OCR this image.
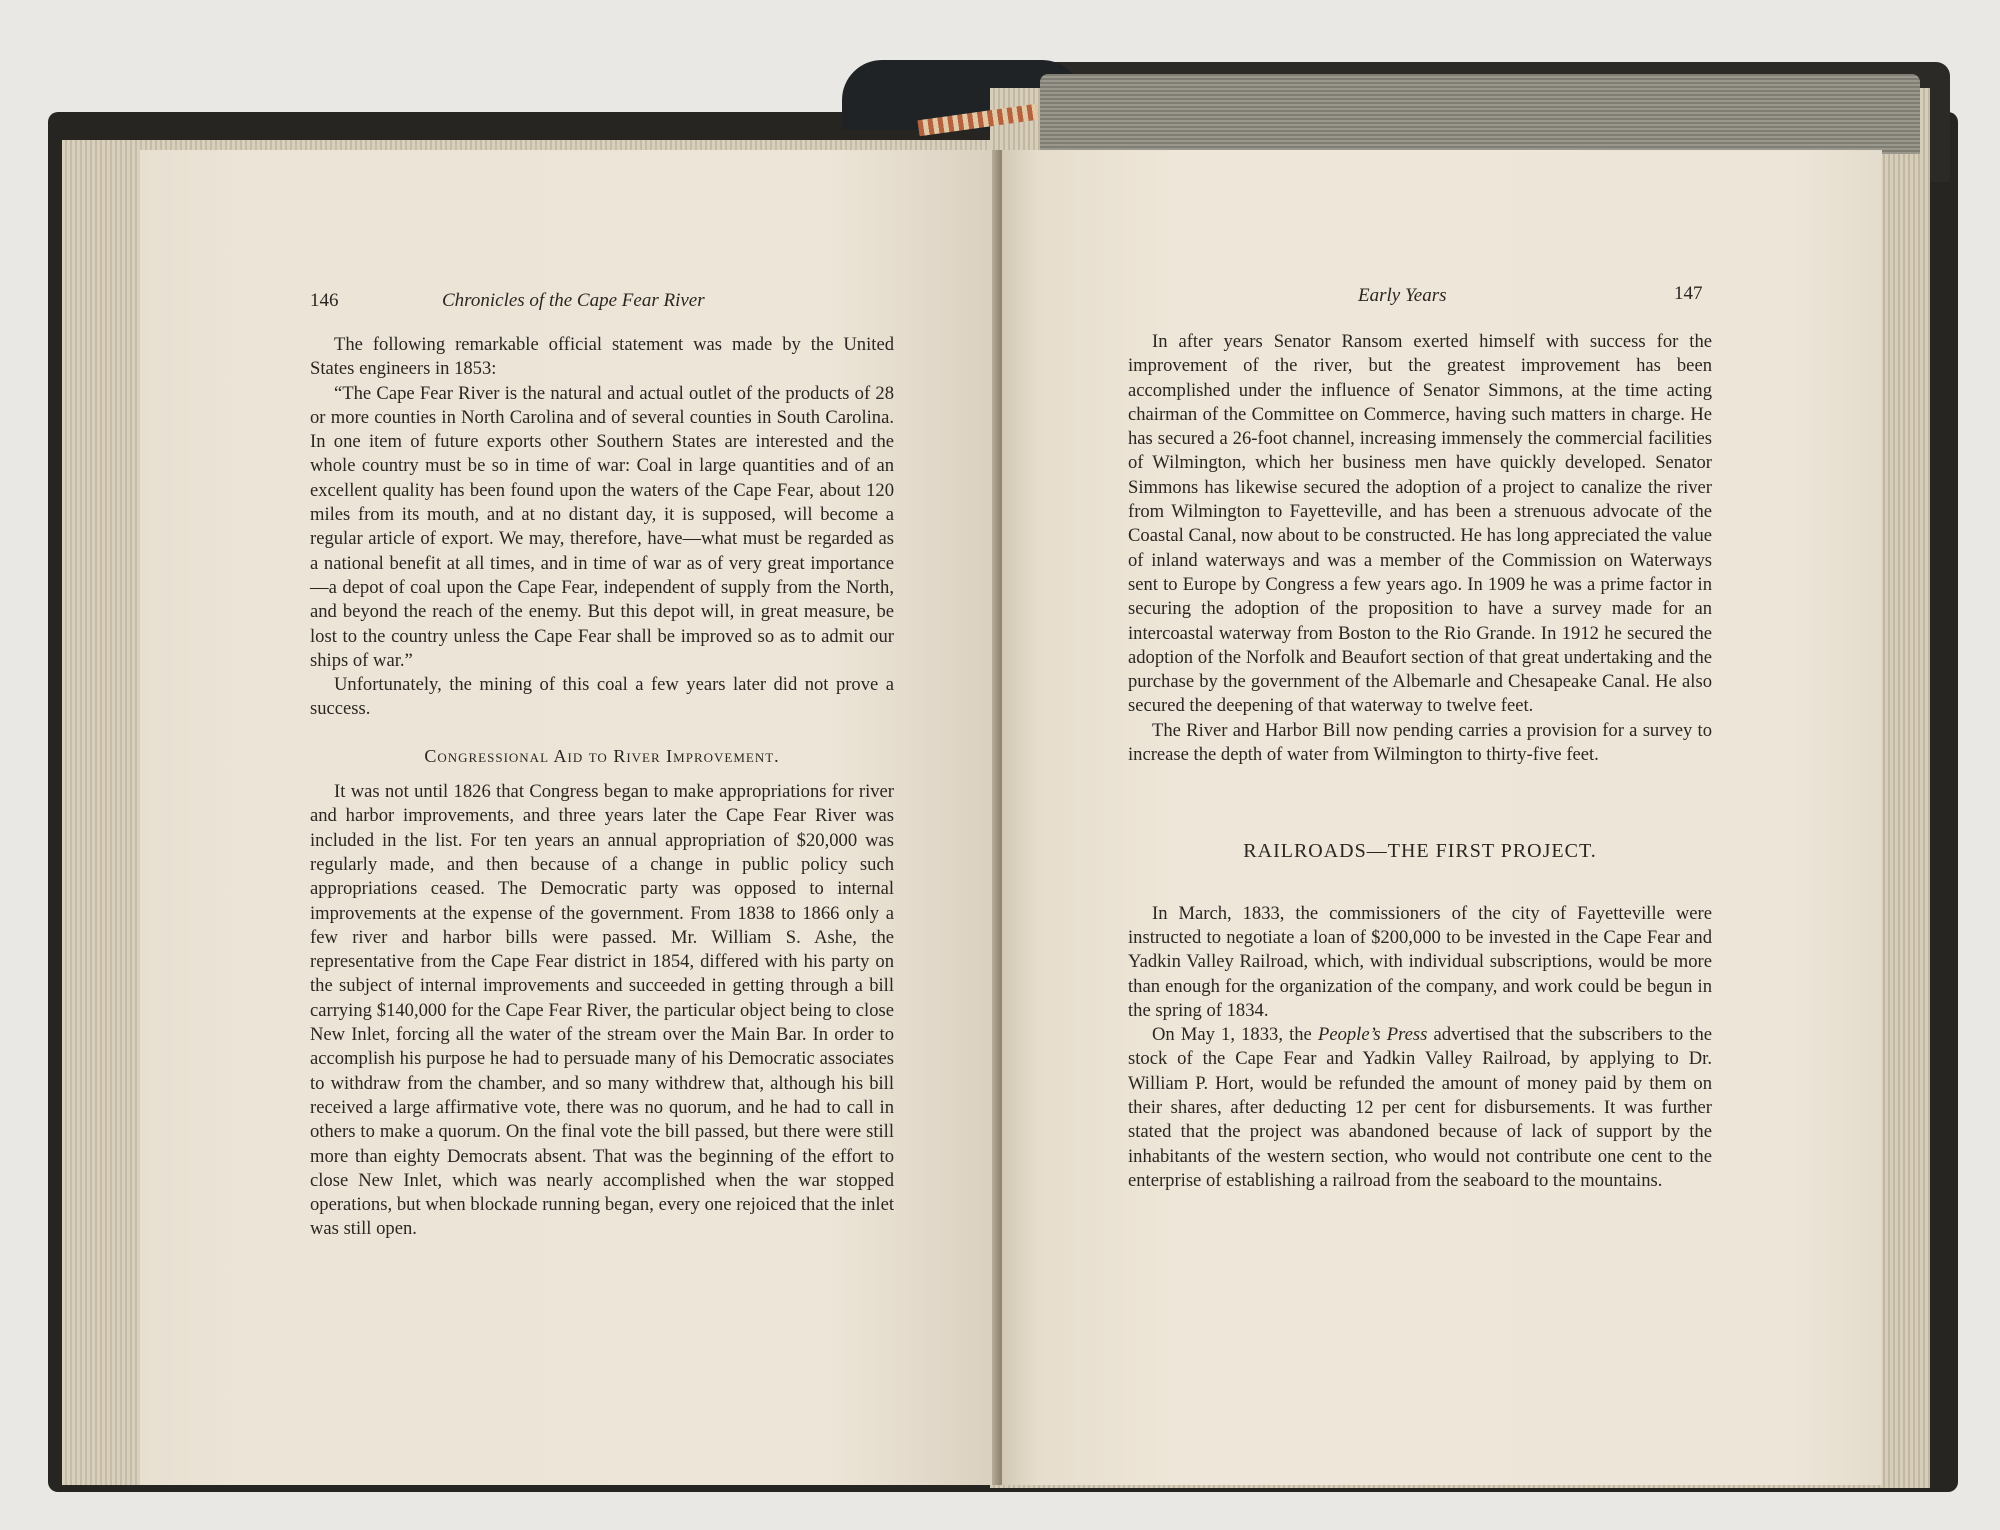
146	Chronicles of the Cape Fear River

The following remarkable official statement was made by the United States engineers in 1853:

“The Cape Fear River is the natural and actual outlet of the products of 28 or more counties in North Carolina and of several counties in South Carolina. In one item of future exports other Southern States are interested and the whole country must be so in time of war: Coal in large quantities and of an excellent quality has been found upon the waters of the Cape Fear, about 120 miles from its mouth, and at no distant day, it is supposed, will become a regular article of export. We may, therefore, have—what must be regarded as a national benefit at all times, and in time of war as of very great importance—a depot of coal upon the Cape Fear, independent of supply from the North, and beyond the reach of the enemy. But this depot will, in great measure, be lost to the country unless the Cape Fear shall be improved so as to admit our ships of war.”

Unfortunately, the mining of this coal a few years later did not prove a success.

Congressional Aid to River Improvement.

It was not until 1826 that Congress began to make appropriations for river and harbor improvements, and three years later the Cape Fear River was included in the list. For ten years an annual appropriation of $20,000 was regularly made, and then because of a change in public policy such appropriations ceased. The Democratic party was opposed to internal improvements at the expense of the government. From 1838 to 1866 only a few river and harbor bills were passed. Mr. William S. Ashe, the representative from the Cape Fear district in 1854, differed with his party on the subject of internal improvements and succeeded in getting through a bill carrying $140,000 for the Cape Fear River, the particular object being to close New Inlet, forcing all the water of the stream over the Main Bar. In order to accomplish his purpose he had to persuade many of his Democratic associates to withdraw from the chamber, and so many withdrew that, although his bill received a large affirmative vote, there was no quorum, and he had to call in others to make a quorum. On the final vote the bill passed, but there were still more than eighty Democrats absent. That was the beginning of the effort to close New Inlet, which was nearly accomplished when the war stopped operations, but when blockade running began, every one rejoiced that the inlet was still open.

Early Years	147

In after years Senator Ransom exerted himself with success for the improvement of the river, but the greatest improvement has been accomplished under the influence of Senator Simmons, at the time acting chairman of the Committee on Commerce, having such matters in charge. He has secured a 26-foot channel, increasing immensely the commercial facilities of Wilmington, which her business men have quickly developed. Senator Simmons has likewise secured the adoption of a project to canalize the river from Wilmington to Fayetteville, and has been a strenuous advocate of the Coastal Canal, now about to be constructed. He has long appreciated the value of inland waterways and was a member of the Commission on Waterways sent to Europe by Congress a few years ago. In 1909 he was a prime factor in securing the adoption of the proposition to have a survey made for an intercoastal waterway from Boston to the Rio Grande. In 1912 he secured the adoption of the Norfolk and Beaufort section of that great undertaking and the purchase by the government of the Albemarle and Chesapeake Canal. He also secured the deepening of that waterway to twelve feet.

The River and Harbor Bill now pending carries a provision for a survey to increase the depth of water from Wilmington to thirty-five feet.

RAILROADS—THE FIRST PROJECT.

In March, 1833, the commissioners of the city of Fayetteville were instructed to negotiate a loan of $200,000 to be invested in the Cape Fear and Yadkin Valley Railroad, which, with individual subscriptions, would be more than enough for the organization of the company, and work could be begun in the spring of 1834.

On May 1, 1833, the People’s Press advertised that the subscribers to the stock of the Cape Fear and Yadkin Valley Railroad, by applying to Dr. William P. Hort, would be refunded the amount of money paid by them on their shares, after deducting 12 per cent for disbursements. It was further stated that the project was abandoned because of lack of support by the inhabitants of the western section, who would not contribute one cent to the enterprise of establishing a railroad from the seaboard to the mountains.
